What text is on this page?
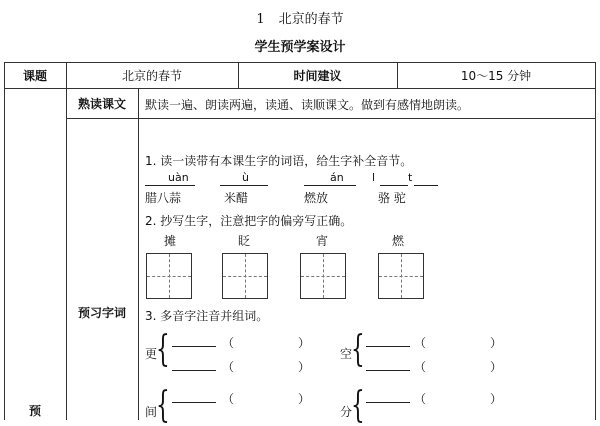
1 北京的春节
学生预学案设计
课题	北京的春节	时间建议	10～15 分钟
预
熟读课文	默读一遍、朗读两遍，读通、读顺课文。做到有感情地朗读。
预习字词
1. 读一读带有本课生字的词语，给生字补全音节。
uàn
腊八蒜
ù
米醋
án
燃放
l	t
骆 驼
2. 抄写生字，注意把字的偏旁写正确。
摊	眨	宵	燃
3. 多音字注音并组词。
更
{	（	）
（	）
空
{	（	）
（	）
间
{	（	）
分
{	（	）
